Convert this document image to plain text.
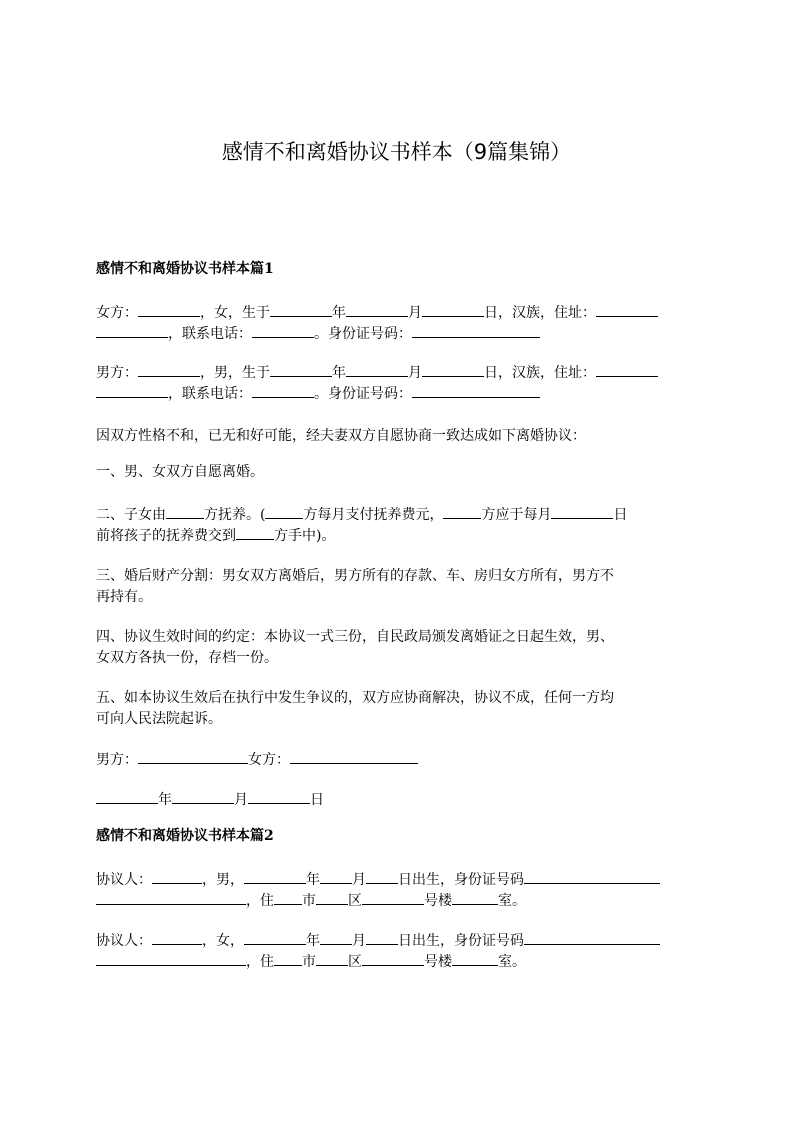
感情不和离婚协议书样本（9篇集锦）
感情不和离婚协议书样本篇1
女方：	，女，生于	年	月	日，汉族，住址：
，联系电话：	。身份证号码：
男方：	，男，生于	年	月	日，汉族，住址：
，联系电话：	。身份证号码：
因双方性格不和，已无和好可能，经夫妻双方自愿协商一致达成如下离婚协议：
一、男、女双方自愿离婚。
二、子女由	方抚养。(	方每月支付抚养费元，	方应于每月	日
前将孩子的抚养费交到	方手中)。
三、婚后财产分割：男女双方离婚后，男方所有的存款、车、房归女方所有，男方不
再持有。
四、协议生效时间的约定：本协议一式三份，自民政局颁发离婚证之日起生效，男、
女双方各执一份，存档一份。
五、如本协议生效后在执行中发生争议的，双方应协商解决，协议不成，任何一方均
可向人民法院起诉。
男方：	女方：
年	月	日
感情不和离婚协议书样本篇2
协议人：	，男，	年 月 日出生，身份证号码
，住 市 区	号楼	室。
协议人：	，女，	年 月 日出生，身份证号码
，住 市 区	号楼	室。
